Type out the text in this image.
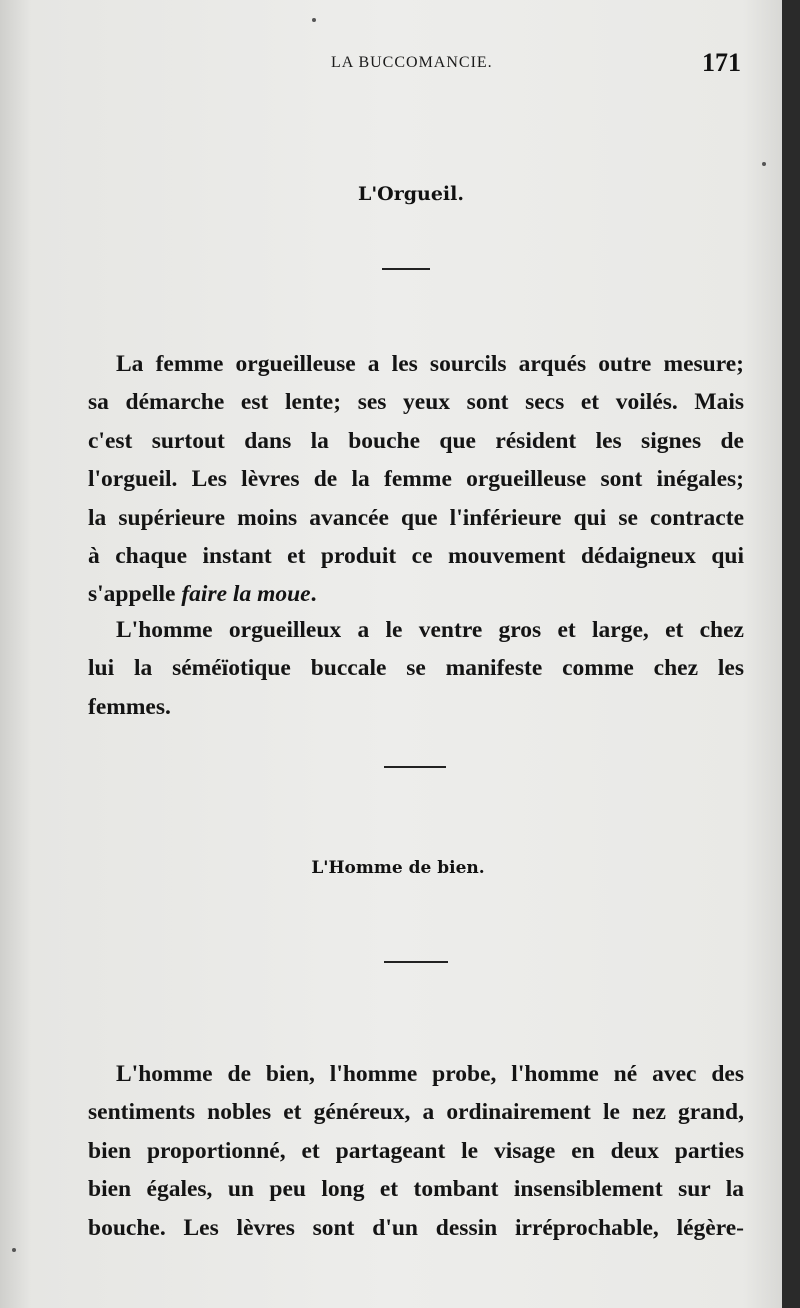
LA BUCCOMANCIE.	171
L'Orgueil.

La femme orgueilleuse a les sourcils arqués outre mesure;
sa démarche est lente; ses yeux sont secs et voilés. Mais
c'est surtout dans la bouche que résident les signes de
l'orgueil. Les lèvres de la femme orgueilleuse sont inégales;
la supérieure moins avancée que l'inférieure qui se contracte
à chaque instant et produit ce mouvement dédaigneux qui
s'appelle faire la moue.

L'homme orgueilleux a le ventre gros et large, et chez
lui la séméïotique buccale se manifeste comme chez les
femmes.

L'Homme de bien.

L'homme de bien, l'homme probe, l'homme né avec des
sentiments nobles et généreux, a ordinairement le nez grand,
bien proportionné, et partageant le visage en deux parties
bien égales, un peu long et tombant insensiblement sur la
bouche. Les lèvres sont d'un dessin irréprochable, légère-
